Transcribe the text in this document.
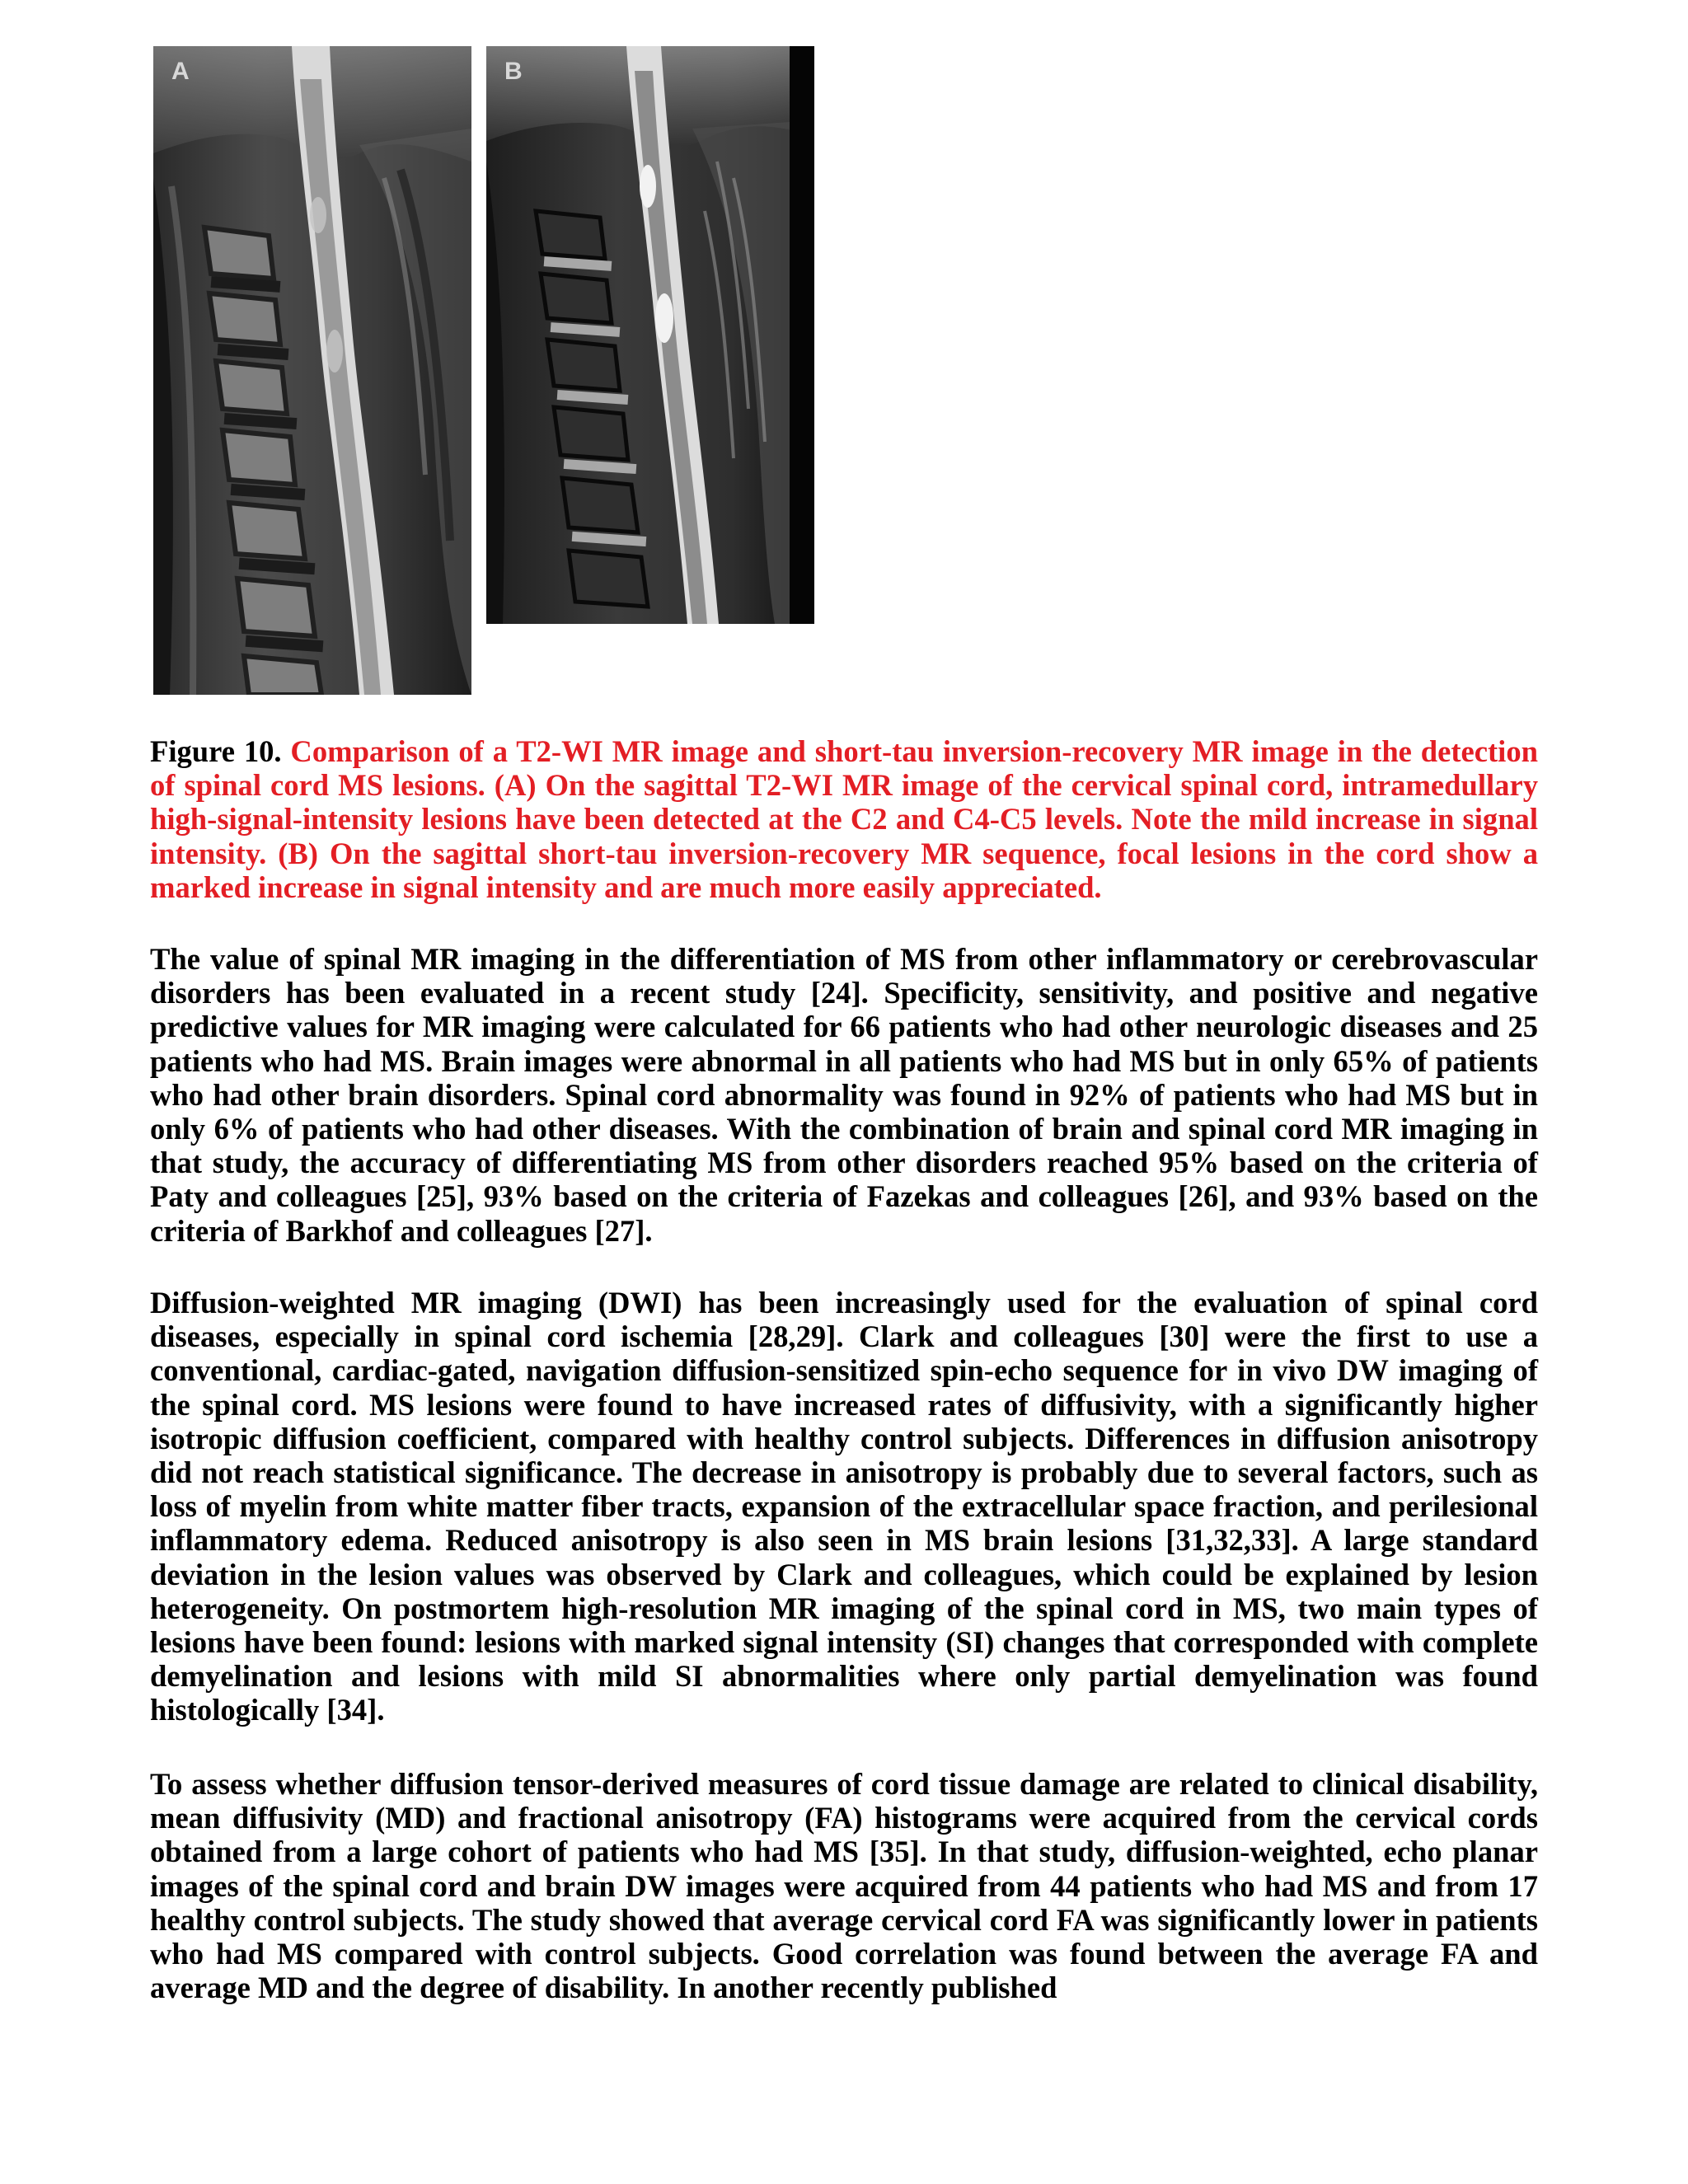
A	B

Figure 10. Comparison of a T2-WI MR image and short-tau inversion-recovery MR image in the detection of spinal cord MS lesions. (A) On the sagittal T2-WI MR image of the cervical spinal cord, intramedullary high-signal-intensity lesions have been detected at the C2 and C4-C5 levels. Note the mild increase in signal intensity. (B) On the sagittal short-tau inversion-recovery MR sequence, focal lesions in the cord show a marked increase in signal intensity and are much more easily appreciated.

The value of spinal MR imaging in the differentiation of MS from other inflammatory or cerebrovascular disorders has been evaluated in a recent study [24]. Specificity, sensitivity, and positive and negative predictive values for MR imaging were calculated for 66 patients who had other neurologic diseases and 25 patients who had MS. Brain images were abnormal in all patients who had MS but in only 65% of patients who had other brain disorders. Spinal cord abnormality was found in 92% of patients who had MS but in only 6% of patients who had other diseases. With the combination of brain and spinal cord MR imaging in that study, the accuracy of differentiating MS from other disorders reached 95% based on the criteria of Paty and colleagues [25], 93% based on the criteria of Fazekas and colleagues [26], and 93% based on the criteria of Barkhof and colleagues [27].

Diffusion-weighted MR imaging (DWI) has been increasingly used for the evaluation of spinal cord diseases, especially in spinal cord ischemia [28,29]. Clark and colleagues [30] were the first to use a conventional, cardiac-gated, navigation diffusion-sensitized spin-echo sequence for in vivo DW imaging of the spinal cord. MS lesions were found to have increased rates of diffusivity, with a significantly higher isotropic diffusion coefficient, compared with healthy control subjects. Differences in diffusion anisotropy did not reach statistical significance. The decrease in anisotropy is probably due to several factors, such as loss of myelin from white matter fiber tracts, expansion of the extracellular space fraction, and perilesional inflammatory edema. Reduced anisotropy is also seen in MS brain lesions [31,32,33]. A large standard deviation in the lesion values was observed by Clark and colleagues, which could be explained by lesion heterogeneity. On postmortem high-resolution MR imaging of the spinal cord in MS, two main types of lesions have been found: lesions with marked signal intensity (SI) changes that corresponded with complete demyelination and lesions with mild SI abnormalities where only partial demyelination was found histologically [34].

To assess whether diffusion tensor-derived measures of cord tissue damage are related to clinical disability, mean diffusivity (MD) and fractional anisotropy (FA) histograms were acquired from the cervical cords obtained from a large cohort of patients who had MS [35]. In that study, diffusion-weighted, echo planar images of the spinal cord and brain DW images were acquired from 44 patients who had MS and from 17 healthy control subjects. The study showed that average cervical cord FA was significantly lower in patients who had MS compared with control subjects. Good correlation was found between the average FA and average MD and the degree of disability. In another recently published
